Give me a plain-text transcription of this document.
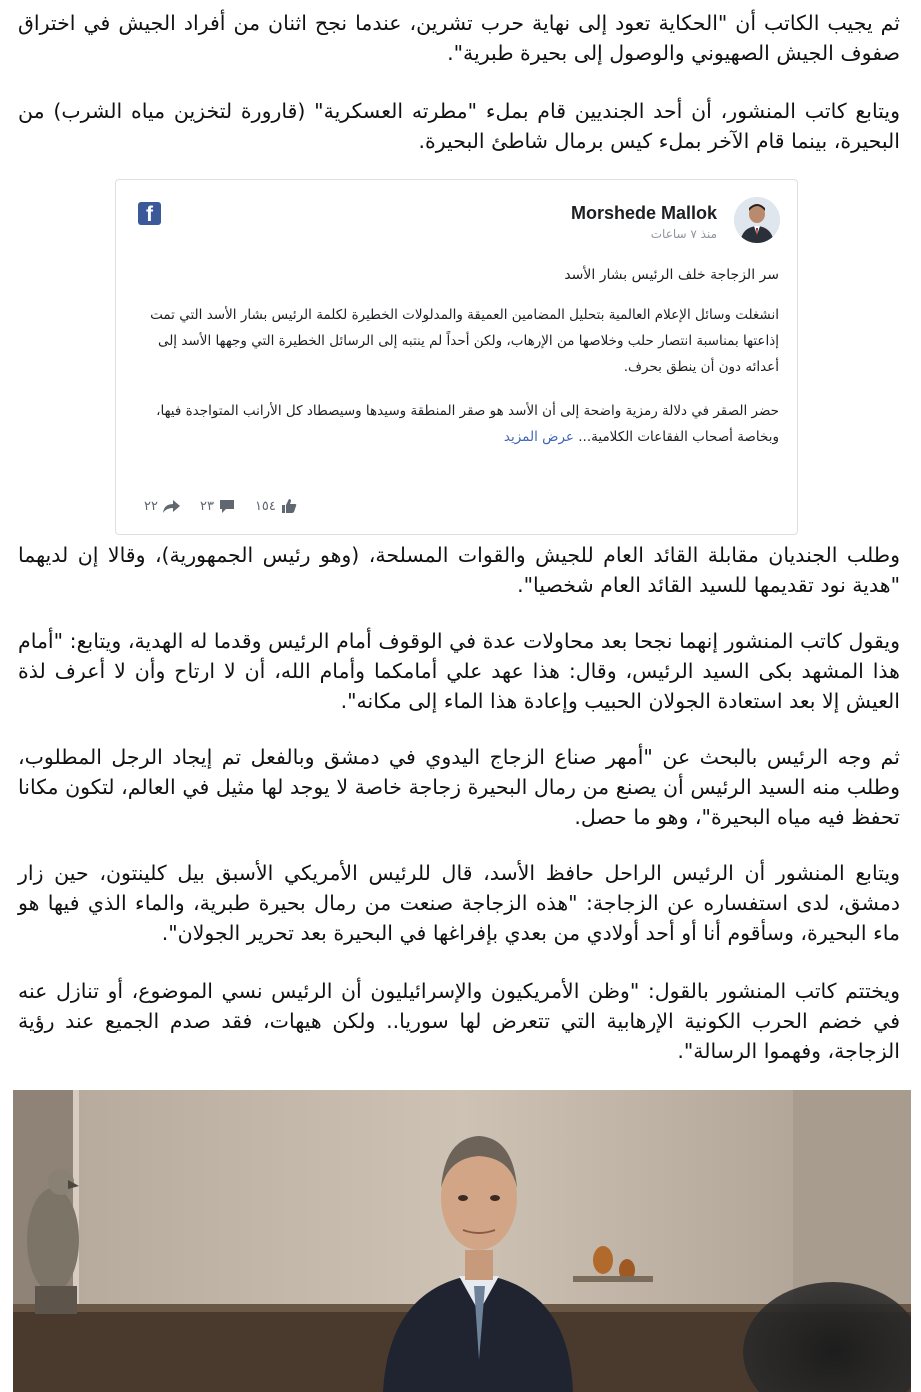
ثم يجيب الكاتب أن "الحكاية تعود إلى نهاية حرب تشرين، عندما نجح اثنان من أفراد الجيش في اختراق صفوف الجيش الصهيوني والوصول إلى بحيرة طبرية".

ويتابع كاتب المنشور، أن أحد الجنديين قام بملء "مطرته العسكرية" (قارورة لتخزين مياه الشرب) من البحيرة، بينما قام الآخر بملء كيس برمال شاطئ البحيرة.

Morshede Mallok
منذ ٧ ساعات
f
سر الزجاجة خلف الرئيس بشار الأسد

انشغلت وسائل الإعلام العالمية بتحليل المضامين العميقة والمدلولات الخطيرة لكلمة الرئيس بشار الأسد التي تمت إذاعتها بمناسبة انتصار حلب وخلاصها من الإرهاب، ولكن أحداً لم ينتبه إلى الرسائل الخطيرة التي وجهها الأسد إلى أعدائه دون أن ينطق بحرف.

حضر الصقر في دلالة رمزية واضحة إلى أن الأسد هو صقر المنطقة وسيدها وسيصطاد كل الأرانب المتواجدة فيها، وبخاصة أصحاب الفقاعات الكلامية... عرض المزيد

٢٢	٢٣	١٥٤

وطلب الجنديان مقابلة القائد العام للجيش والقوات المسلحة، (وهو رئيس الجمهورية)، وقالا إن لديهما "هدية نود تقديمها للسيد القائد العام شخصيا".

ويقول كاتب المنشور إنهما نجحا بعد محاولات عدة في الوقوف أمام الرئيس وقدما له الهدية، ويتابع: "أمام هذا المشهد بكى السيد الرئيس، وقال: هذا عهد علي أمامكما وأمام الله، أن لا ارتاح وأن لا أعرف لذة العيش إلا بعد استعادة الجولان الحبيب وإعادة هذا الماء إلى مكانه".

ثم وجه الرئيس بالبحث عن "أمهر صناع الزجاج اليدوي في دمشق وبالفعل تم إيجاد الرجل المطلوب، وطلب منه السيد الرئيس أن يصنع من رمال البحيرة زجاجة خاصة لا يوجد لها مثيل في العالم، لتكون مكانا تحفظ فيه مياه البحيرة"، وهو ما حصل.

ويتابع المنشور أن الرئيس الراحل حافظ الأسد، قال للرئيس الأمريكي الأسبق بيل كلينتون، حين زار دمشق، لدى استفساره عن الزجاجة: "هذه الزجاجة صنعت من رمال بحيرة طبرية، والماء الذي فيها هو ماء البحيرة، وسأقوم أنا أو أحد أولادي من بعدي بإفراغها في البحيرة بعد تحرير الجولان".

ويختتم كاتب المنشور بالقول: "وظن الأمريكيون والإسرائيليون أن الرئيس نسي الموضوع، أو تنازل عنه في خضم الحرب الكونية الإرهابية التي تتعرض لها سوريا.. ولكن هيهات، فقد صدم الجميع عند رؤية الزجاجة، وفهموا الرسالة".
